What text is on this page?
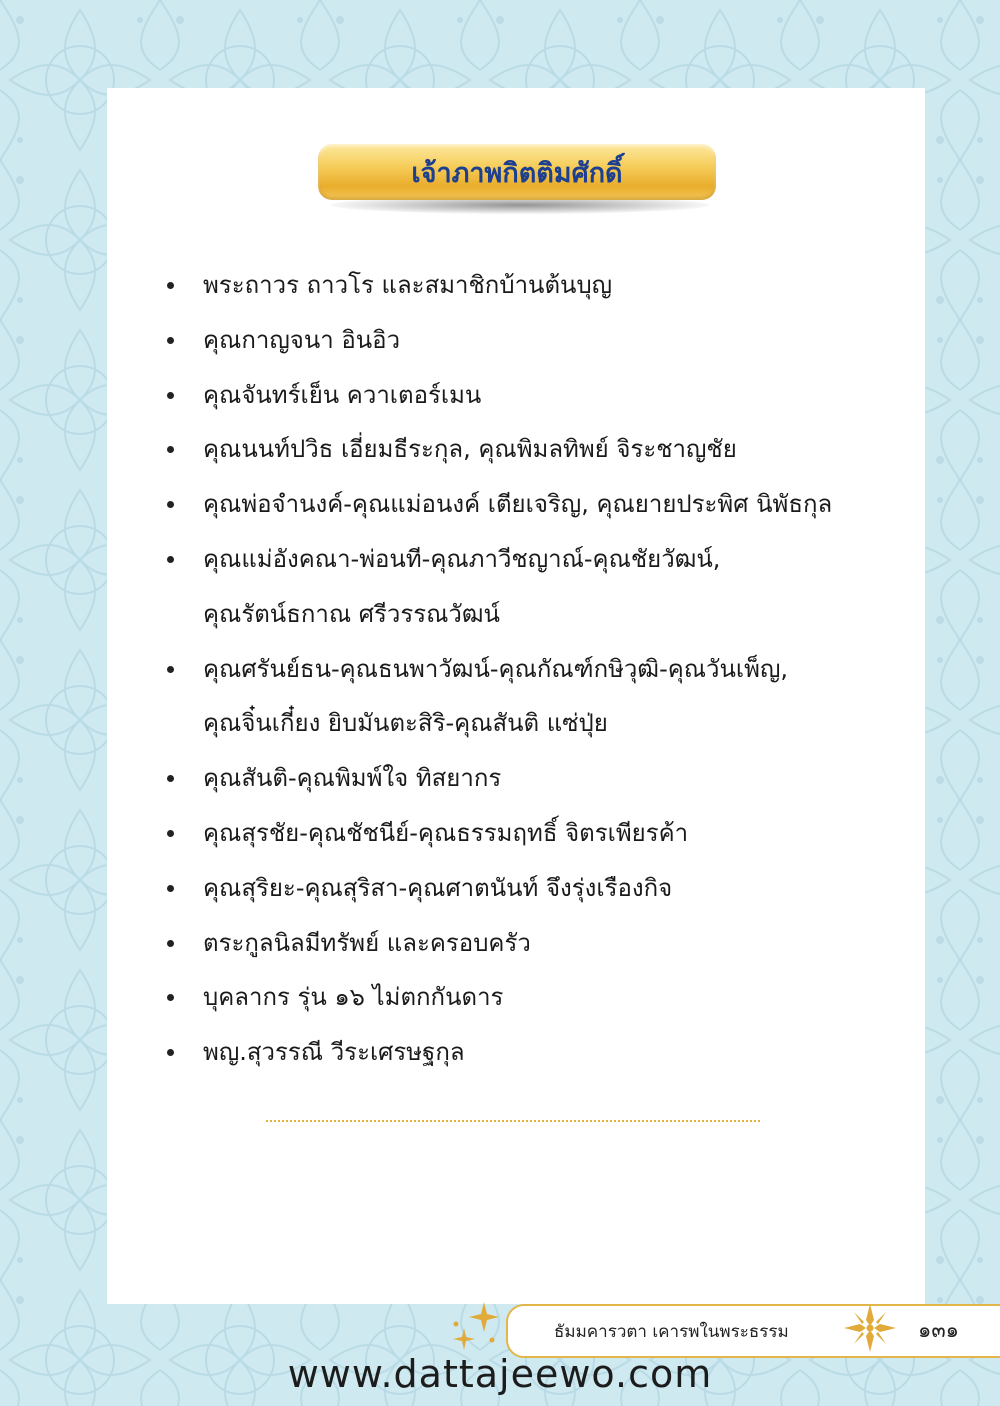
เจ้าภาพกิตติมศักดิ์
พระถาวร ถาวโร และสมาชิกบ้านต้นบุญ
คุณกาญจนา อินอิว
คุณจันทร์เย็น ควาเตอร์เมน
คุณนนท์ปวิธ เอี่ยมธีระกุล, คุณพิมลทิพย์ จิระชาญชัย
คุณพ่อจำนงค์-คุณแม่อนงค์ เตียเจริญ, คุณยายประพิศ นิพัธกุล
คุณแม่อังคณา-พ่อนที-คุณภาวีชญาณ์-คุณชัยวัฒน์,
คุณรัตน์ธกาณ ศรีวรรณวัฒน์
คุณศรันย์ธน-คุณธนพาวัฒน์-คุณกัณฑ์กษิวุฒิ-คุณวันเพ็ญ,
คุณจิ๋นเกี๋ยง ยิบมันตะสิริ-คุณสันติ แซ่ปุ่ย
คุณสันติ-คุณพิมพ์ใจ ทิสยากร
คุณสุรชัย-คุณชัชนีย์-คุณธรรมฤทธิ์ จิตรเพียรค้า
คุณสุริยะ-คุณสุริสา-คุณศาตนันท์ จึงรุ่งเรืองกิจ
ตระกูลนิลมีทรัพย์ และครอบครัว
บุคลากร รุ่น ๑๖ ไม่ตกกันดาร
พญ.สุวรรณี วีระเศรษฐกุล
ธัมมคารวตา เคารพในพระธรรม	๑๓๑
www.dattajeewo.com
